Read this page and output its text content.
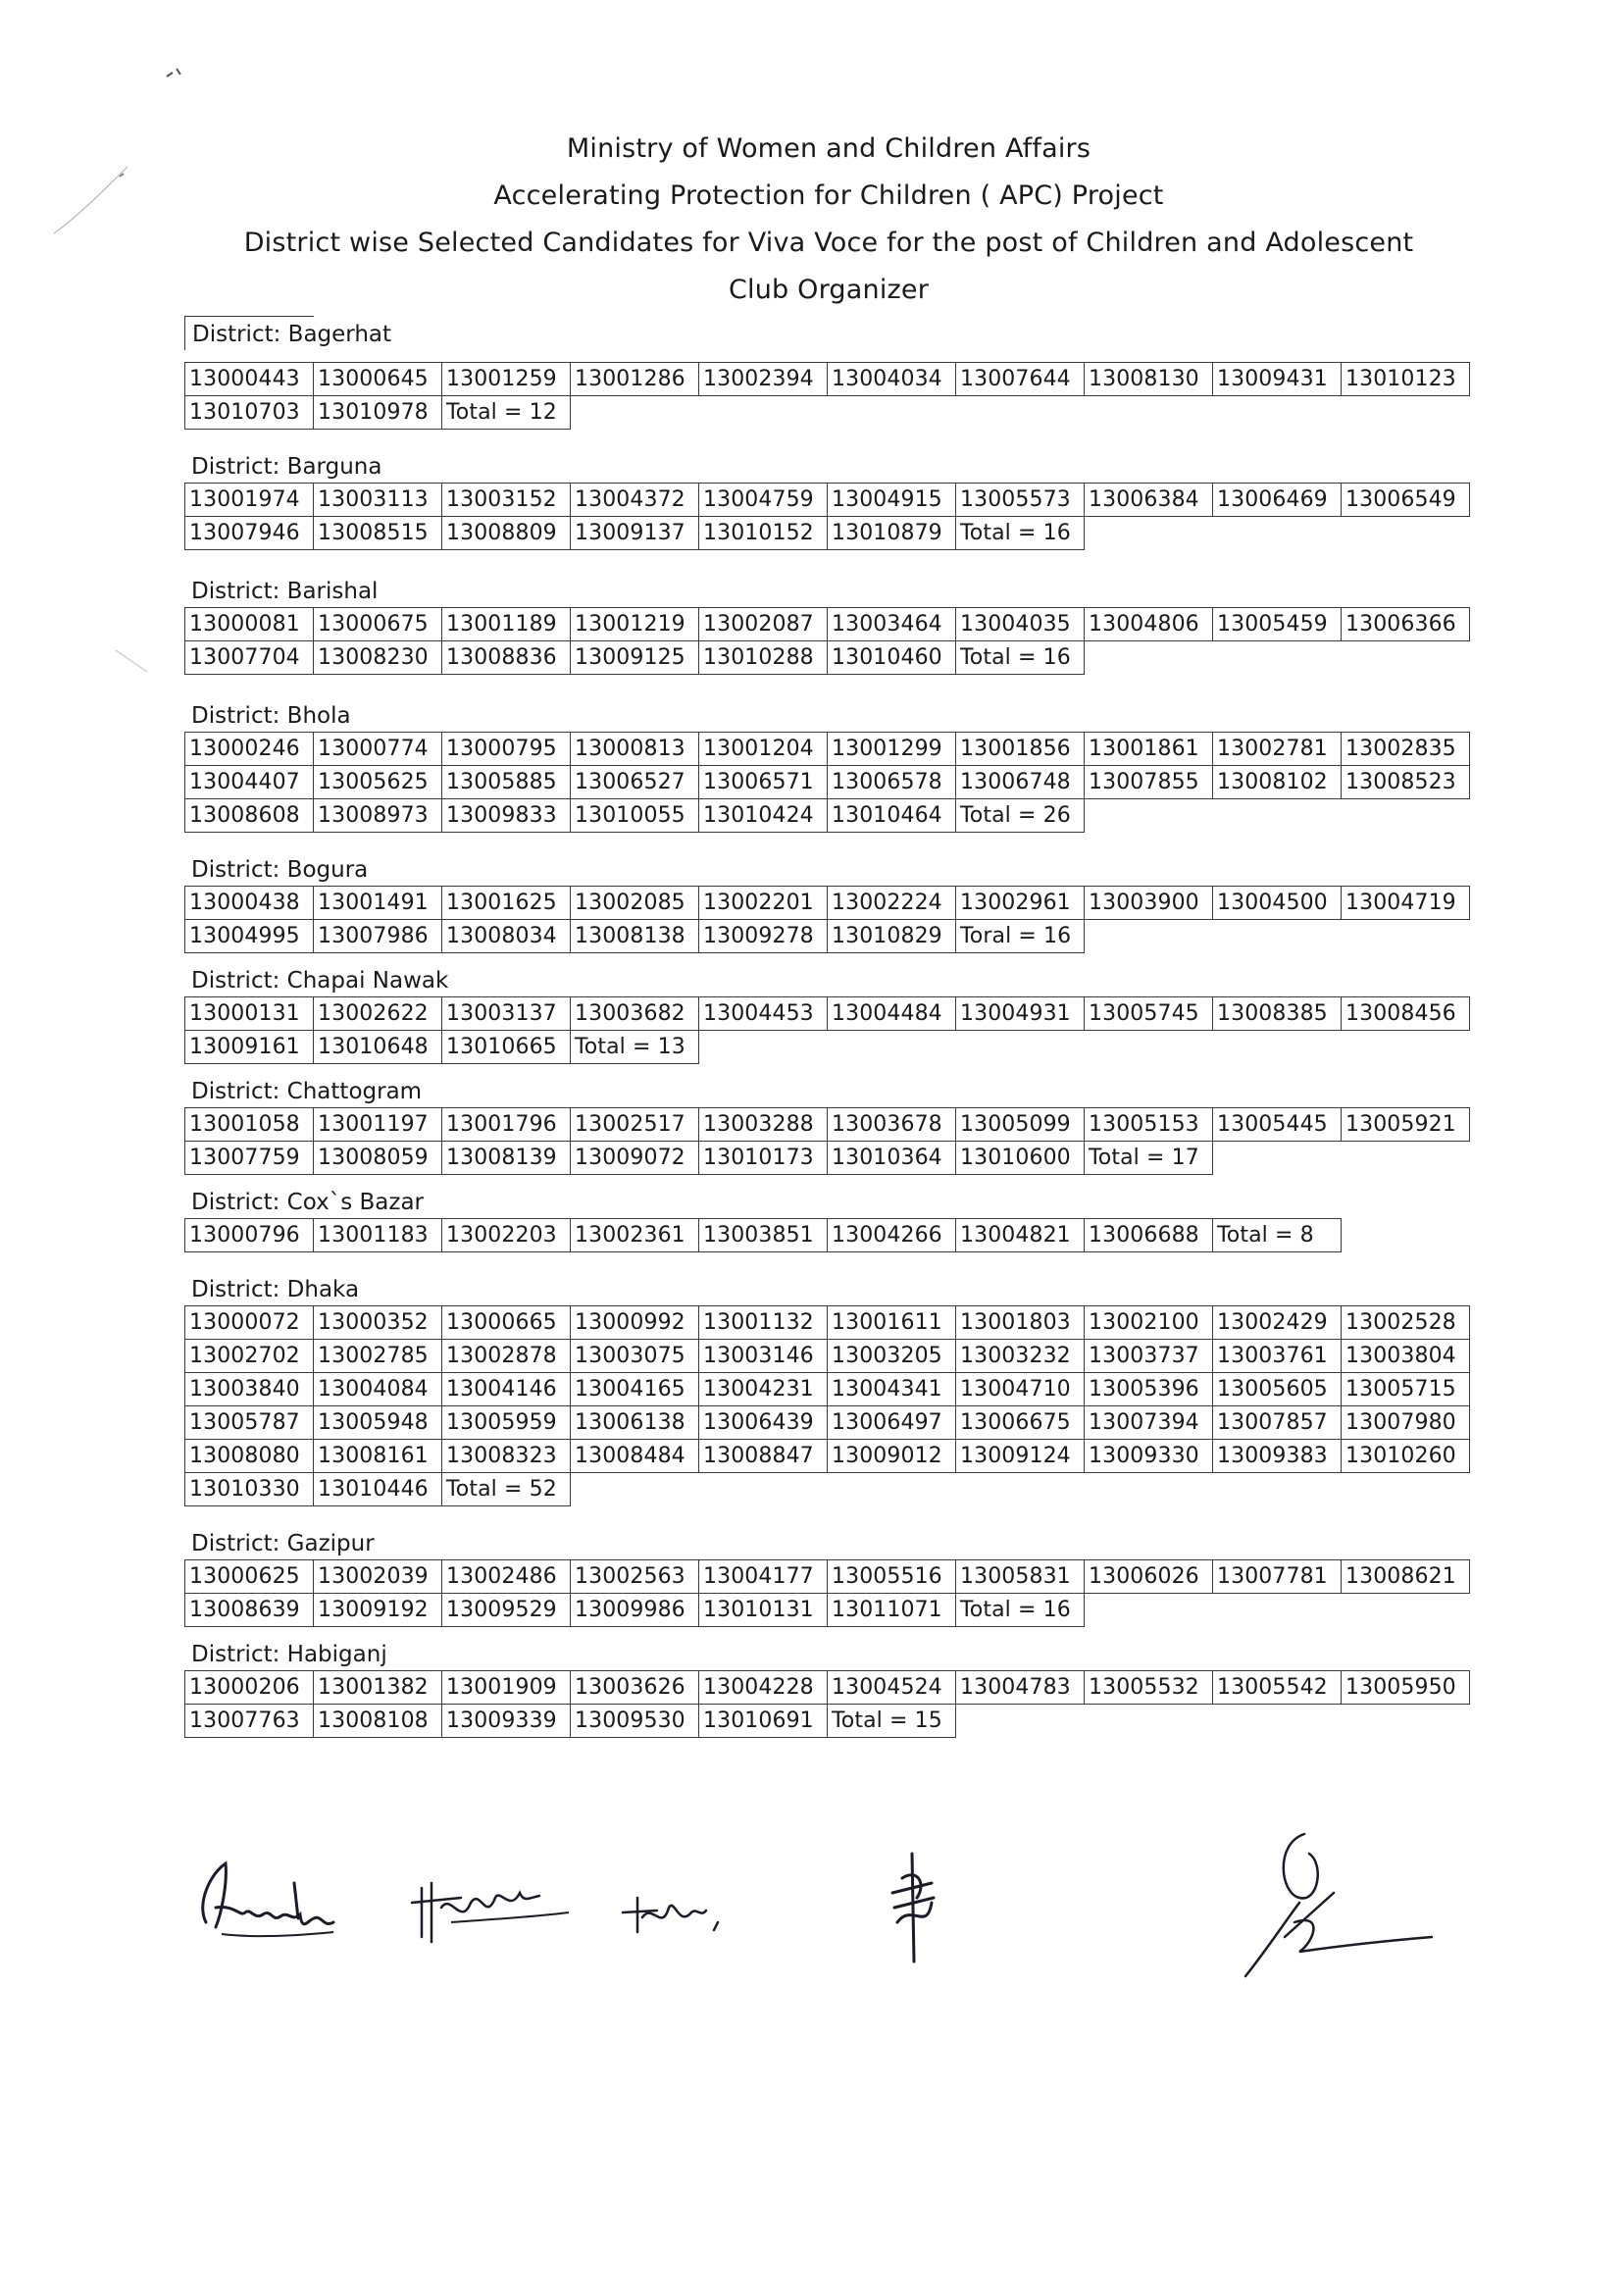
Ministry of Women and Children Affairs
Accelerating Protection for Children ( APC) Project
District wise Selected Candidates for Viva Voce for the post of Children and Adolescent
Club Organizer
District: Bagerhat
13000443	13000645	13001259	13001286	13002394	13004034	13007644	13008130	13009431	13010123
13010703	13010978	Total = 12							
District: Barguna
13001974	13003113	13003152	13004372	13004759	13004915	13005573	13006384	13006469	13006549
13007946	13008515	13008809	13009137	13010152	13010879	Total = 16			
District: Barishal
13000081	13000675	13001189	13001219	13002087	13003464	13004035	13004806	13005459	13006366
13007704	13008230	13008836	13009125	13010288	13010460	Total = 16			
District: Bhola
13000246	13000774	13000795	13000813	13001204	13001299	13001856	13001861	13002781	13002835
13004407	13005625	13005885	13006527	13006571	13006578	13006748	13007855	13008102	13008523
13008608	13008973	13009833	13010055	13010424	13010464	Total = 26			
District: Bogura
13000438	13001491	13001625	13002085	13002201	13002224	13002961	13003900	13004500	13004719
13004995	13007986	13008034	13008138	13009278	13010829	Toral = 16			
District: Chapai Nawak
13000131	13002622	13003137	13003682	13004453	13004484	13004931	13005745	13008385	13008456
13009161	13010648	13010665	Total = 13						
District: Chattogram
13001058	13001197	13001796	13002517	13003288	13003678	13005099	13005153	13005445	13005921
13007759	13008059	13008139	13009072	13010173	13010364	13010600	Total = 17		
District: Cox`s Bazar
13000796	13001183	13002203	13002361	13003851	13004266	13004821	13006688	Total = 8
District: Dhaka
13000072	13000352	13000665	13000992	13001132	13001611	13001803	13002100	13002429	13002528
13002702	13002785	13002878	13003075	13003146	13003205	13003232	13003737	13003761	13003804
13003840	13004084	13004146	13004165	13004231	13004341	13004710	13005396	13005605	13005715
13005787	13005948	13005959	13006138	13006439	13006497	13006675	13007394	13007857	13007980
13008080	13008161	13008323	13008484	13008847	13009012	13009124	13009330	13009383	13010260
13010330	13010446	Total = 52							
District: Gazipur
13000625	13002039	13002486	13002563	13004177	13005516	13005831	13006026	13007781	13008621
13008639	13009192	13009529	13009986	13010131	13011071	Total = 16			
District: Habiganj
13000206	13001382	13001909	13003626	13004228	13004524	13004783	13005532	13005542	13005950
13007763	13008108	13009339	13009530	13010691	Total = 15				
